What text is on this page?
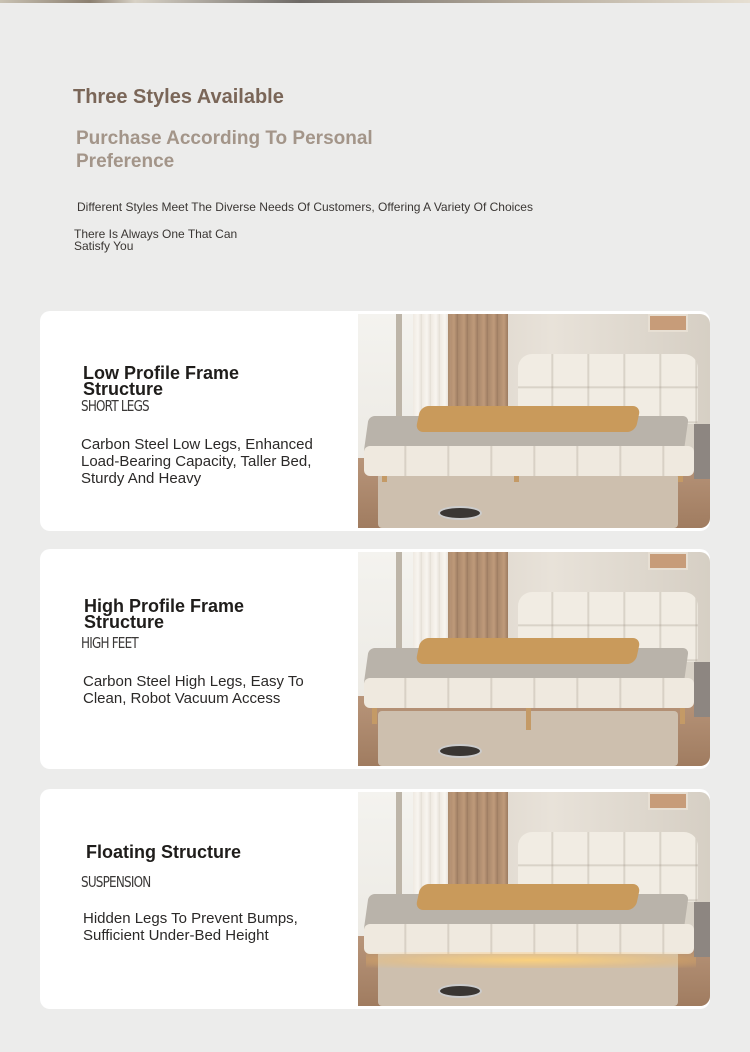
Three Styles Available
Purchase According To Personal Preference

Different Styles Meet The Diverse Needs Of Customers, Offering A Variety Of Choices

There Is Always One That Can Satisfy You

Low Profile Frame Structure
SHORT LEGS

Carbon Steel Low Legs, Enhanced Load-Bearing Capacity, Taller Bed, Sturdy And Heavy

High Profile Frame Structure
HIGH FEET

Carbon Steel High Legs, Easy To Clean, Robot Vacuum Access

Floating Structure
SUSPENSION

Hidden Legs To Prevent Bumps, Sufficient Under-Bed Height
